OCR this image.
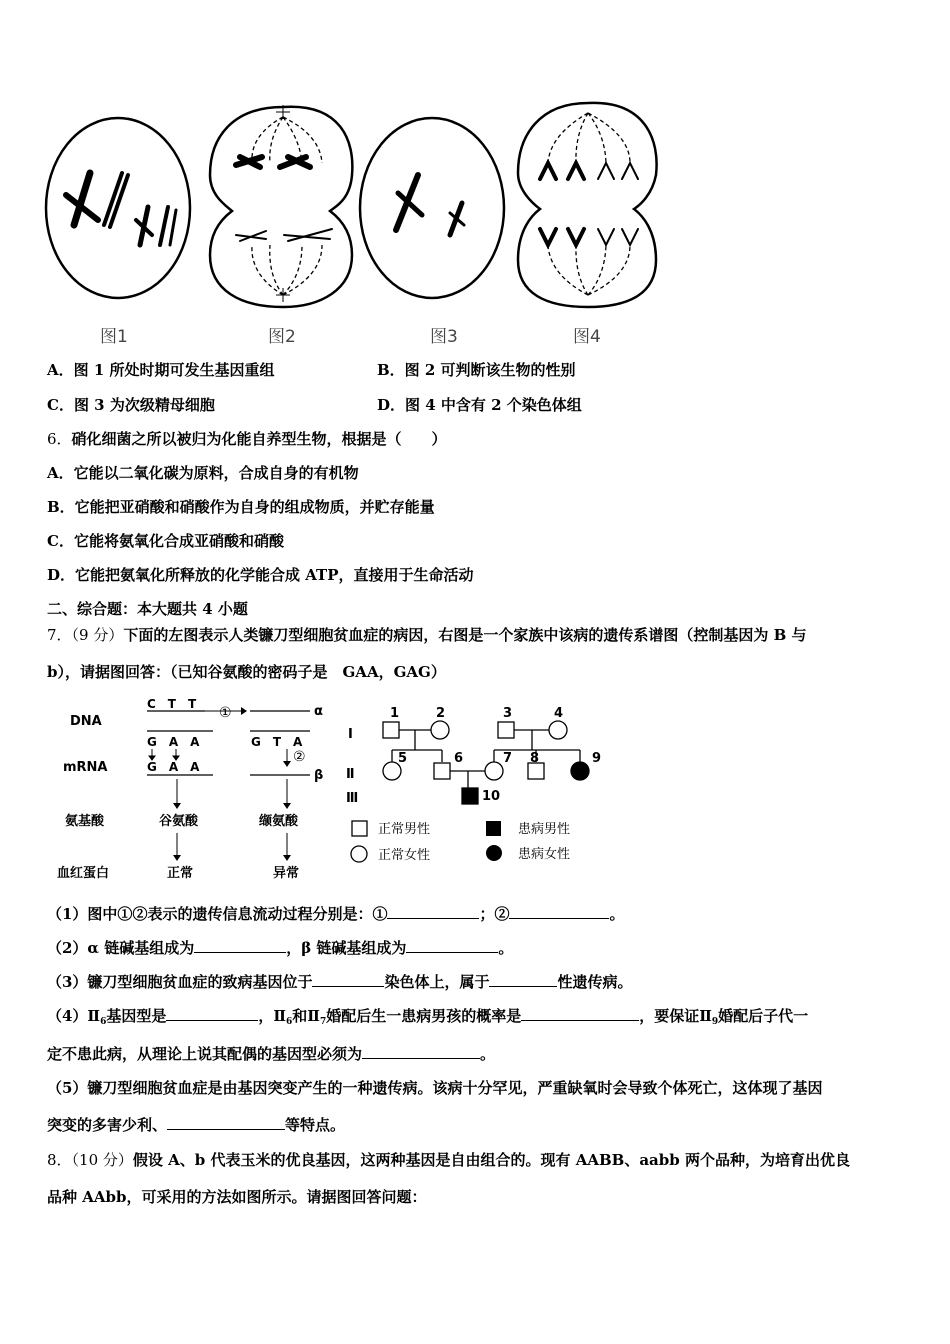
图1	图2	图3	图4
A．图 1 所处时期可发生基因重组	B．图 2 可判断该生物的性别
C．图 3 为次级精母细胞	D．图 4 中含有 2 个染色体组
6．硝化细菌之所以被归为化能自养型生物，根据是（　　）
A．它能以二氧化碳为原料，合成自身的有机物
B．它能把亚硝酸和硝酸作为自身的组成物质，并贮存能量
C．它能将氨氧化合成亚硝酸和硝酸
D．它能把氨氧化所释放的化学能合成 ATP，直接用于生命活动
二、综合题：本大题共 4 小题
7．（9 分）下面的左图表示人类镰刀型细胞贫血症的病因，右图是一个家族中该病的遗传系谱图（控制基因为 B 与
b），请据图回答：（已知谷氨酸的密码子是　GAA，GAG）
DNA
mRNA
氨基酸
血红蛋白
C　T　T
G　A　A
G　A　A
谷氨酸
正常
①	α
G　T　A
②
β
缬氨酸
异常
Ⅰ
Ⅱ
Ⅲ
1	2	3	4
5	6	7 8	9
10
正常男性	患病男性
正常女性	患病女性
（1）图中①②表示的遗传信息流动过程分别是：①	；②	。
（2）α 链碱基组成为	，β 链碱基组成为	。
（3）镰刀型细胞贫血症的致病基因位于	染色体上，属于	性遗传病。
$(4)Ⅱ_6$基因型是	，$Ⅱ_6$和$Ⅱ_7$婚配后生一患病男孩的概率是	，要保证$Ⅱ_9$婚配后子代一
定不患此病，从理论上说其配偶的基因型必须为	。
（5）镰刀型细胞贫血症是由基因突变产生的一种遗传病。该病十分罕见，严重缺氧时会导致个体死亡，这体现了基因
突变的多害少利、	等特点。
8．（10 分）假设 A、b 代表玉米的优良基因，这两种基因是自由组合的。现有 AABB、aabb 两个品种，为培育出优良
品种 AAbb，可采用的方法如图所示。请据图回答问题：
